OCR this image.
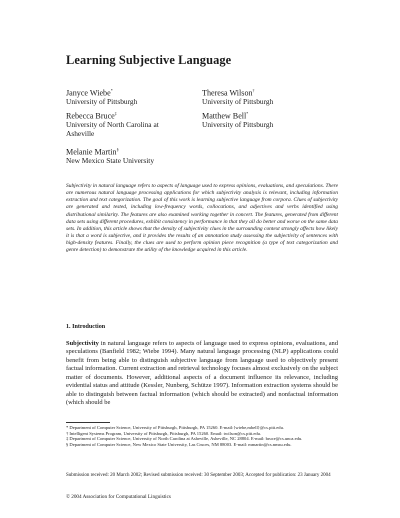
Learning Subjective Language
Janyce Wiebe*
University of Pittsburgh
Theresa Wilson†
University of Pittsburgh
Rebecca Bruce‡
University of North Carolina at Asheville
Matthew Bell*
University of Pittsburgh
Melanie Martin§
New Mexico State University
Subjectivity in natural language refers to aspects of language used to express opinions, evaluations, and speculations. There are numerous natural language processing applications for which subjectivity analysis is relevant, including information extraction and text categorization. The goal of this work is learning subjective language from corpora. Clues of subjectivity are generated and tested, including low-frequency words, collocations, and adjectives and verbs identified using distributional similarity. The features are also examined working together in concert. The features, generated from different data sets using different procedures, exhibit consistency in performance in that they all do better and worse on the same data sets. In addition, this article shows that the density of subjectivity clues in the surrounding context strongly affects how likely it is that a word is subjective, and it provides the results of an annotation study assessing the subjectivity of sentences with high-density features. Finally, the clues are used to perform opinion piece recognition (a type of text categorization and genre detection) to demonstrate the utility of the knowledge acquired in this article.
1. Introduction
Subjectivity in natural language refers to aspects of language used to express opinions, evaluations, and speculations (Banfield 1982; Wiebe 1994). Many natural language processing (NLP) applications could benefit from being able to distinguish subjective language from language used to objectively present factual information. Current extraction and retrieval technology focuses almost exclusively on the subject matter of documents. However, additional aspects of a document influence its relevance, including evidential status and attitude (Kessler, Nunberg, Schütze 1997). Information extraction systems should be able to distinguish between factual information (which should be extracted) and nonfactual information (which should be
* Department of Computer Science, University of Pittsburgh, Pittsburgh, PA 15260. E-mail:{wiebe,mbell}@cs.pitt.edu.
† Intelligent Systems Program, University of Pittsburgh, Pittsburgh, PA 15260. Email: twilson@cs.pitt.edu.
‡ Department of Computer Science, University of North Carolina at Asheville, Asheville, NC 28804. E-mail: bruce@cs.unca.edu.
§ Department of Computer Science, New Mexico State University, Las Cruces, NM 88003. E-mail: mmartin@cs.nmsu.edu.
Submission received: 20 March 2002; Revised submission received: 30 September 2003; Accepted for publication: 23 January 2004
© 2004 Association for Computational Linguistics
